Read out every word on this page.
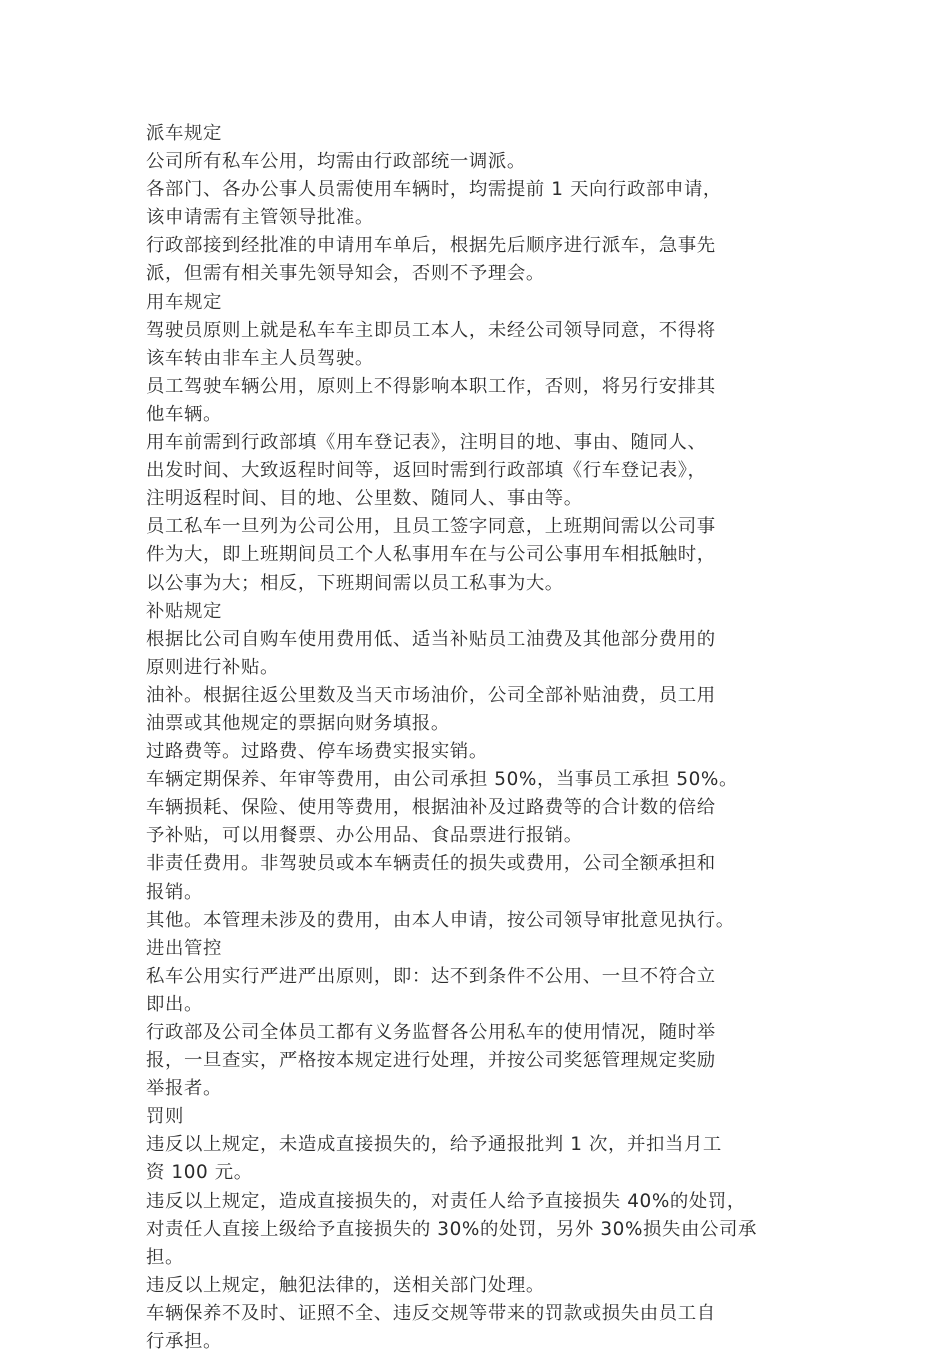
派车规定

公司所有私车公用，均需由行政部统一调派。

各部门、各办公事人员需使用车辆时，均需提前 1 天向行政部申请，

该申请需有主管领导批准。

行政部接到经批准的申请用车单后，根据先后顺序进行派车，急事先

派，但需有相关事先领导知会，否则不予理会。

用车规定

驾驶员原则上就是私车车主即员工本人，未经公司领导同意，不得将

该车转由非车主人员驾驶。

员工驾驶车辆公用，原则上不得影响本职工作，否则，将另行安排其

他车辆。

用车前需到行政部填《用车登记表》，注明目的地、事由、随同人、

出发时间、大致返程时间等，返回时需到行政部填《行车登记表》，

注明返程时间、目的地、公里数、随同人、事由等。

员工私车一旦列为公司公用，且员工签字同意，上班期间需以公司事

件为大，即上班期间员工个人私事用车在与公司公事用车相抵触时，

以公事为大；相反，下班期间需以员工私事为大。

补贴规定

根据比公司自购车使用费用低、适当补贴员工油费及其他部分费用的

原则进行补贴。

油补。根据往返公里数及当天市场油价，公司全部补贴油费，员工用

油票或其他规定的票据向财务填报。

过路费等。过路费、停车场费实报实销。

车辆定期保养、年审等费用，由公司承担 50%，当事员工承担 50%。

车辆损耗、保险、使用等费用，根据油补及过路费等的合计数的倍给

予补贴，可以用餐票、办公用品、食品票进行报销。

非责任费用。非驾驶员或本车辆责任的损失或费用，公司全额承担和

报销。

其他。本管理未涉及的费用，由本人申请，按公司领导审批意见执行。

进出管控

私车公用实行严进严出原则，即：达不到条件不公用、一旦不符合立

即出。

行政部及公司全体员工都有义务监督各公用私车的使用情况，随时举

报，一旦查实，严格按本规定进行处理，并按公司奖惩管理规定奖励

举报者。

罚则

违反以上规定，未造成直接损失的，给予通报批判 1 次，并扣当月工

资 100 元。

违反以上规定，造成直接损失的，对责任人给予直接损失 40%的处罚，

对责任人直接上级给予直接损失的 30%的处罚，另外 30%损失由公司承

担。

违反以上规定，触犯法律的，送相关部门处理。

车辆保养不及时、证照不全、违反交规等带来的罚款或损失由员工自

行承担。
